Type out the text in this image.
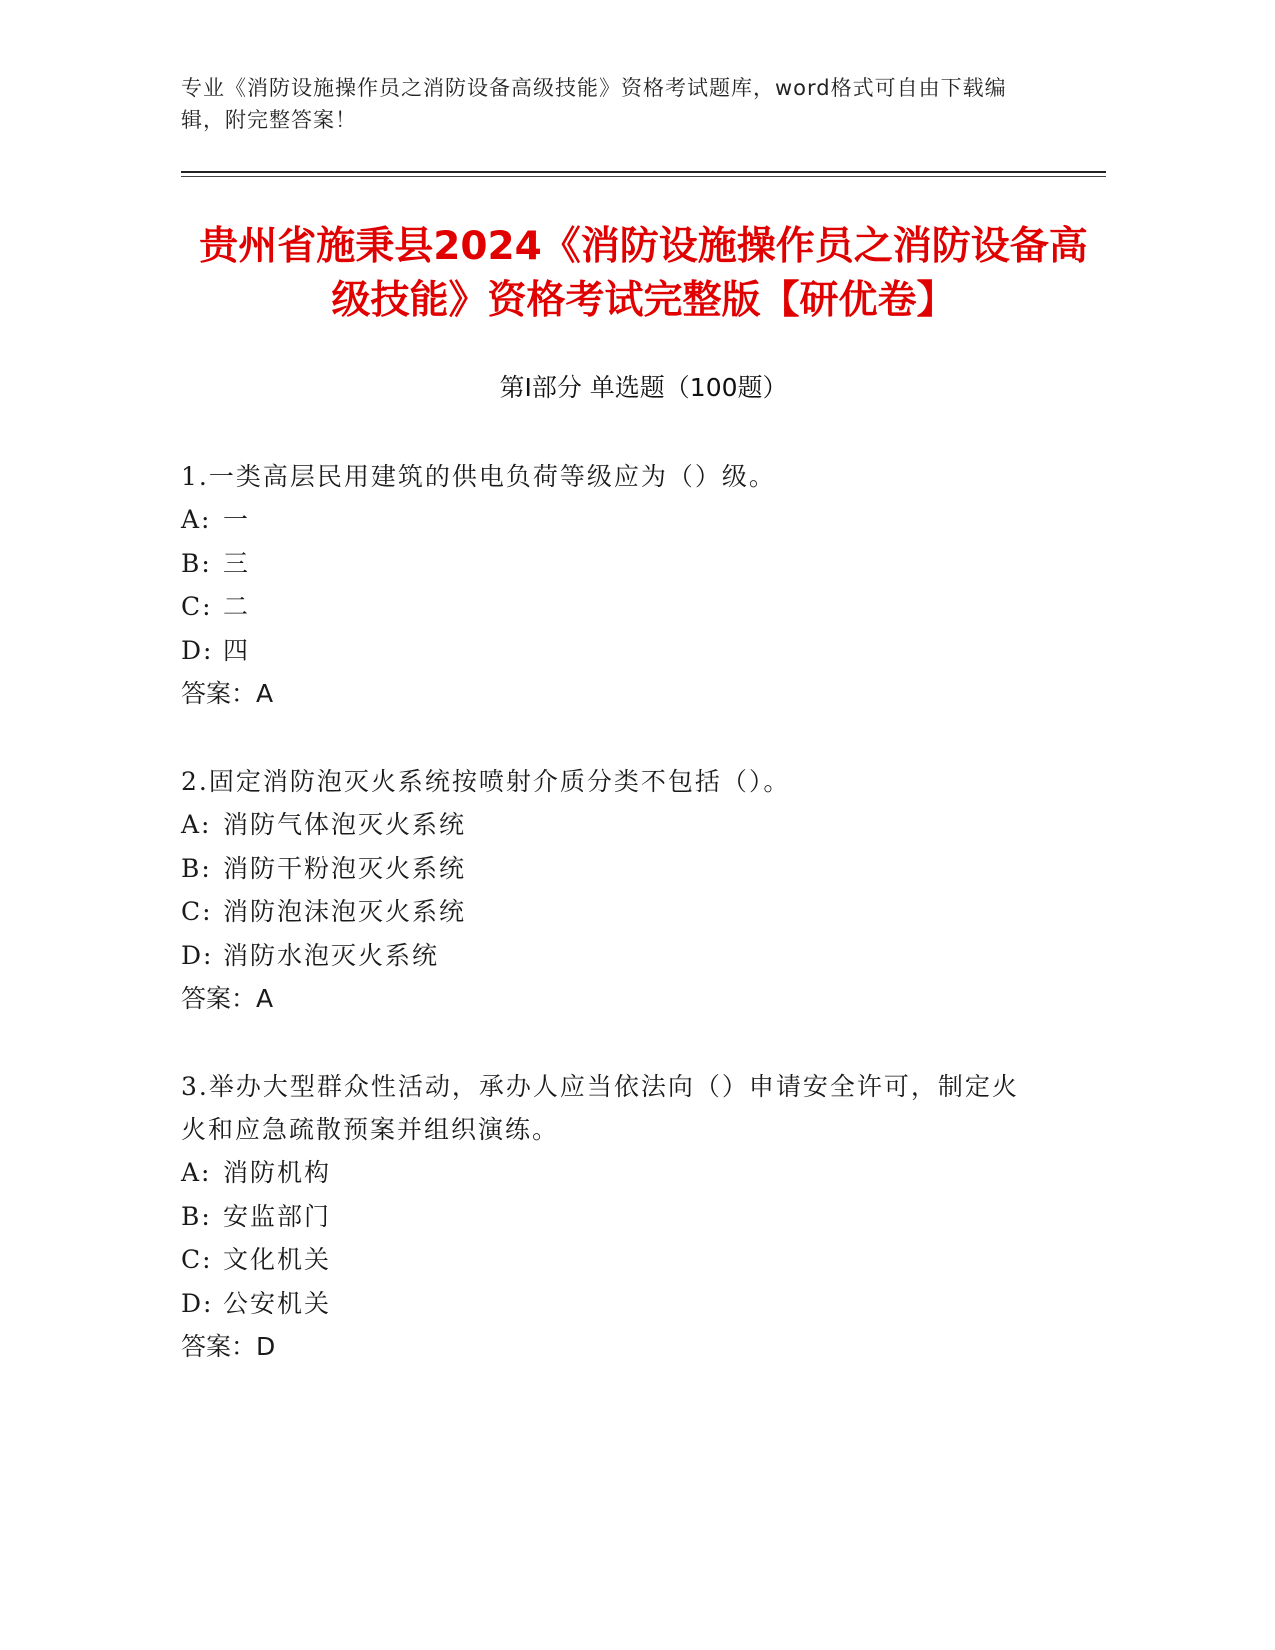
专业《消防设施操作员之消防设备高级技能》资格考试题库，word格式可自由下载编辑，附完整答案！
贵州省施秉县2024《消防设施操作员之消防设备高级技能》资格考试完整版【研优卷】
第Ⅰ部分 单选题（100题）

1.一类高层民用建筑的供电负荷等级应为（）级。

A: 一

B: 三

C: 二

D: 四

答案：A

2.固定消防泡灭火系统按喷射介质分类不包括（）。

A: 消防气体泡灭火系统

B: 消防干粉泡灭火系统

C: 消防泡沫泡灭火系统

D: 消防水泡灭火系统

答案：A

3.举办大型群众性活动，承办人应当依法向（）申请安全许可，制定火火和应急疏散预案并组织演练。

A: 消防机构

B: 安监部门

C: 文化机关

D: 公安机关

答案：D
